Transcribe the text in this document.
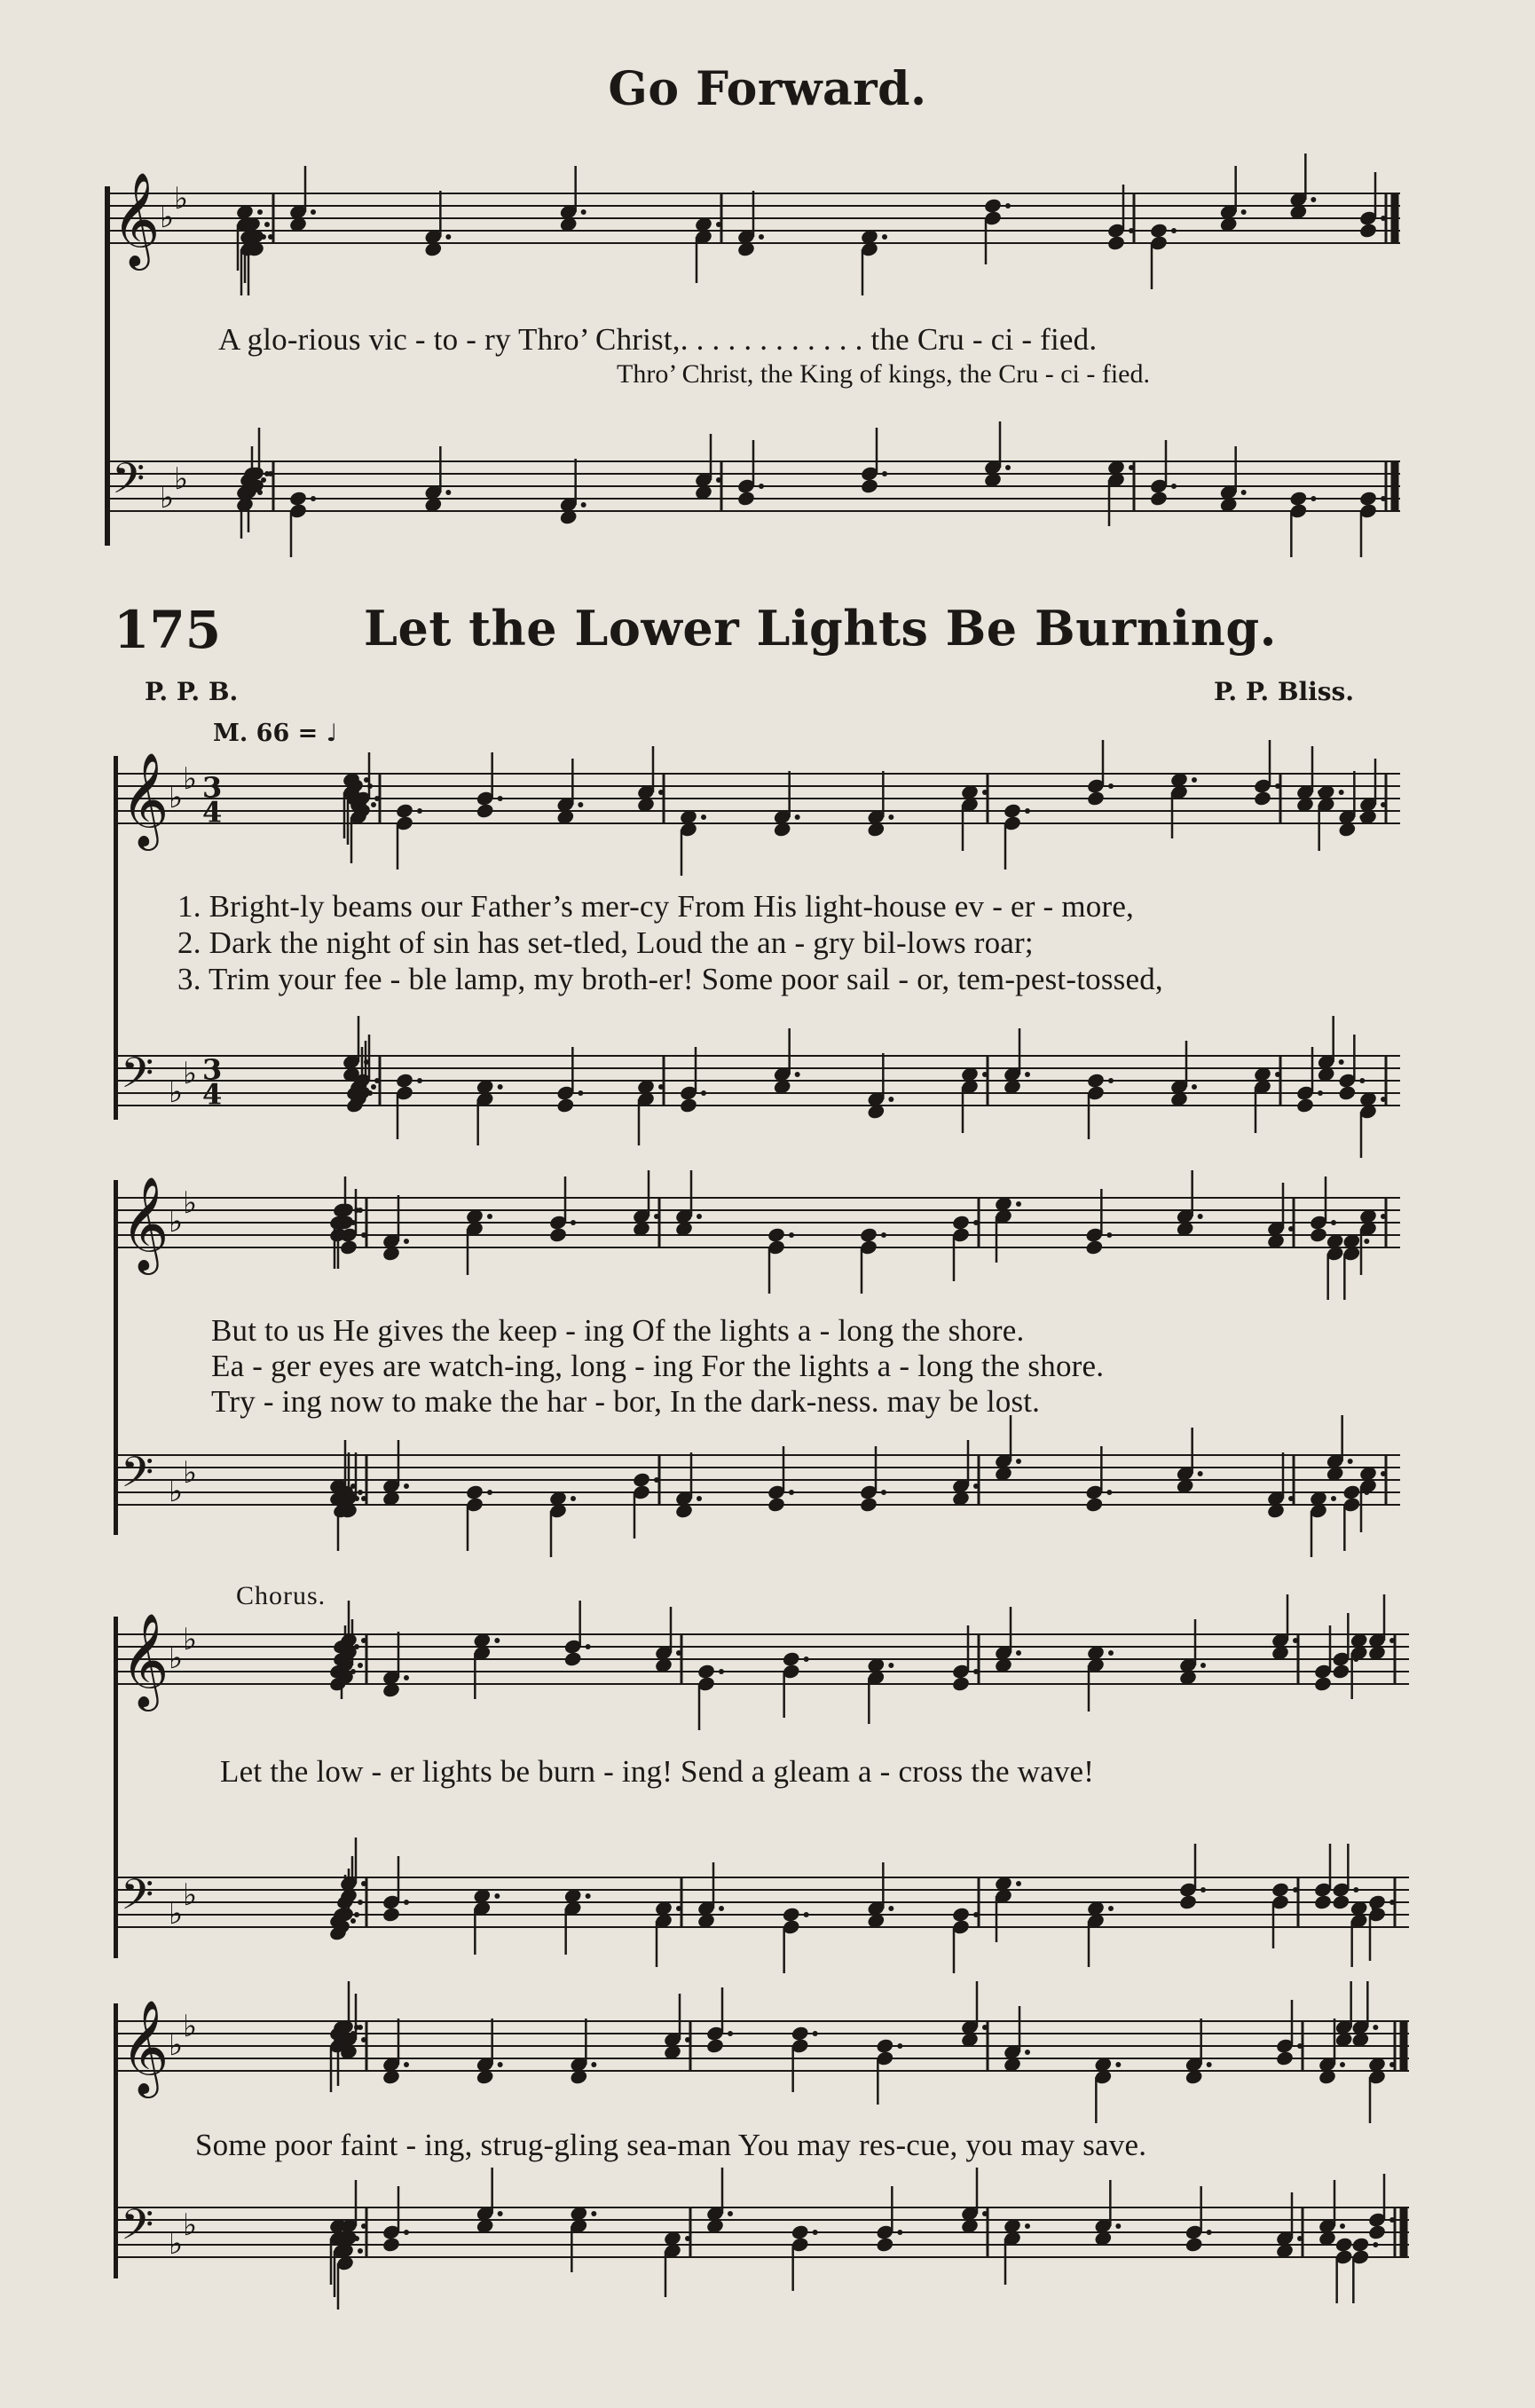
Go Forward.
𝄞 ♭
♭
A glo-rious vic - to - ry Thro’ Christ,. . . . . . . . . . . . the Cru - ci - fied.
Thro’ Christ, the King of kings, the Cru - ci - fied.
𝄢 ♭
♭
175	Let the Lower Lights Be Burning.
P. P. B.	P. P. Bliss.
M. 66 = ♩
𝄞 ♭
♭ 3
4
1. Bright-ly beams our Father’s mer-cy From His light-house ev - er - more,
2. Dark the night of sin has set-tled, Loud the an - gry bil-lows roar;
3. Trim your fee - ble lamp, my broth-er! Some poor sail - or, tem-pest-tossed,
𝄢 ♭
♭ 3
4
𝄞 ♭
♭
But to us He gives the keep - ing Of the lights a - long the shore.
Ea - ger eyes are watch-ing, long - ing For the lights a - long the shore.
Try - ing now to make the har - bor, In the dark-ness. may be lost.
𝄢 ♭
♭
Chorus.
𝄞 ♭
♭
Let the low - er lights be burn - ing! Send a gleam a - cross the wave!
𝄢 ♭
♭
𝄞 ♭
♭
Some poor faint - ing, strug-gling sea-man You may res-cue, you may save.
𝄢 ♭
♭
